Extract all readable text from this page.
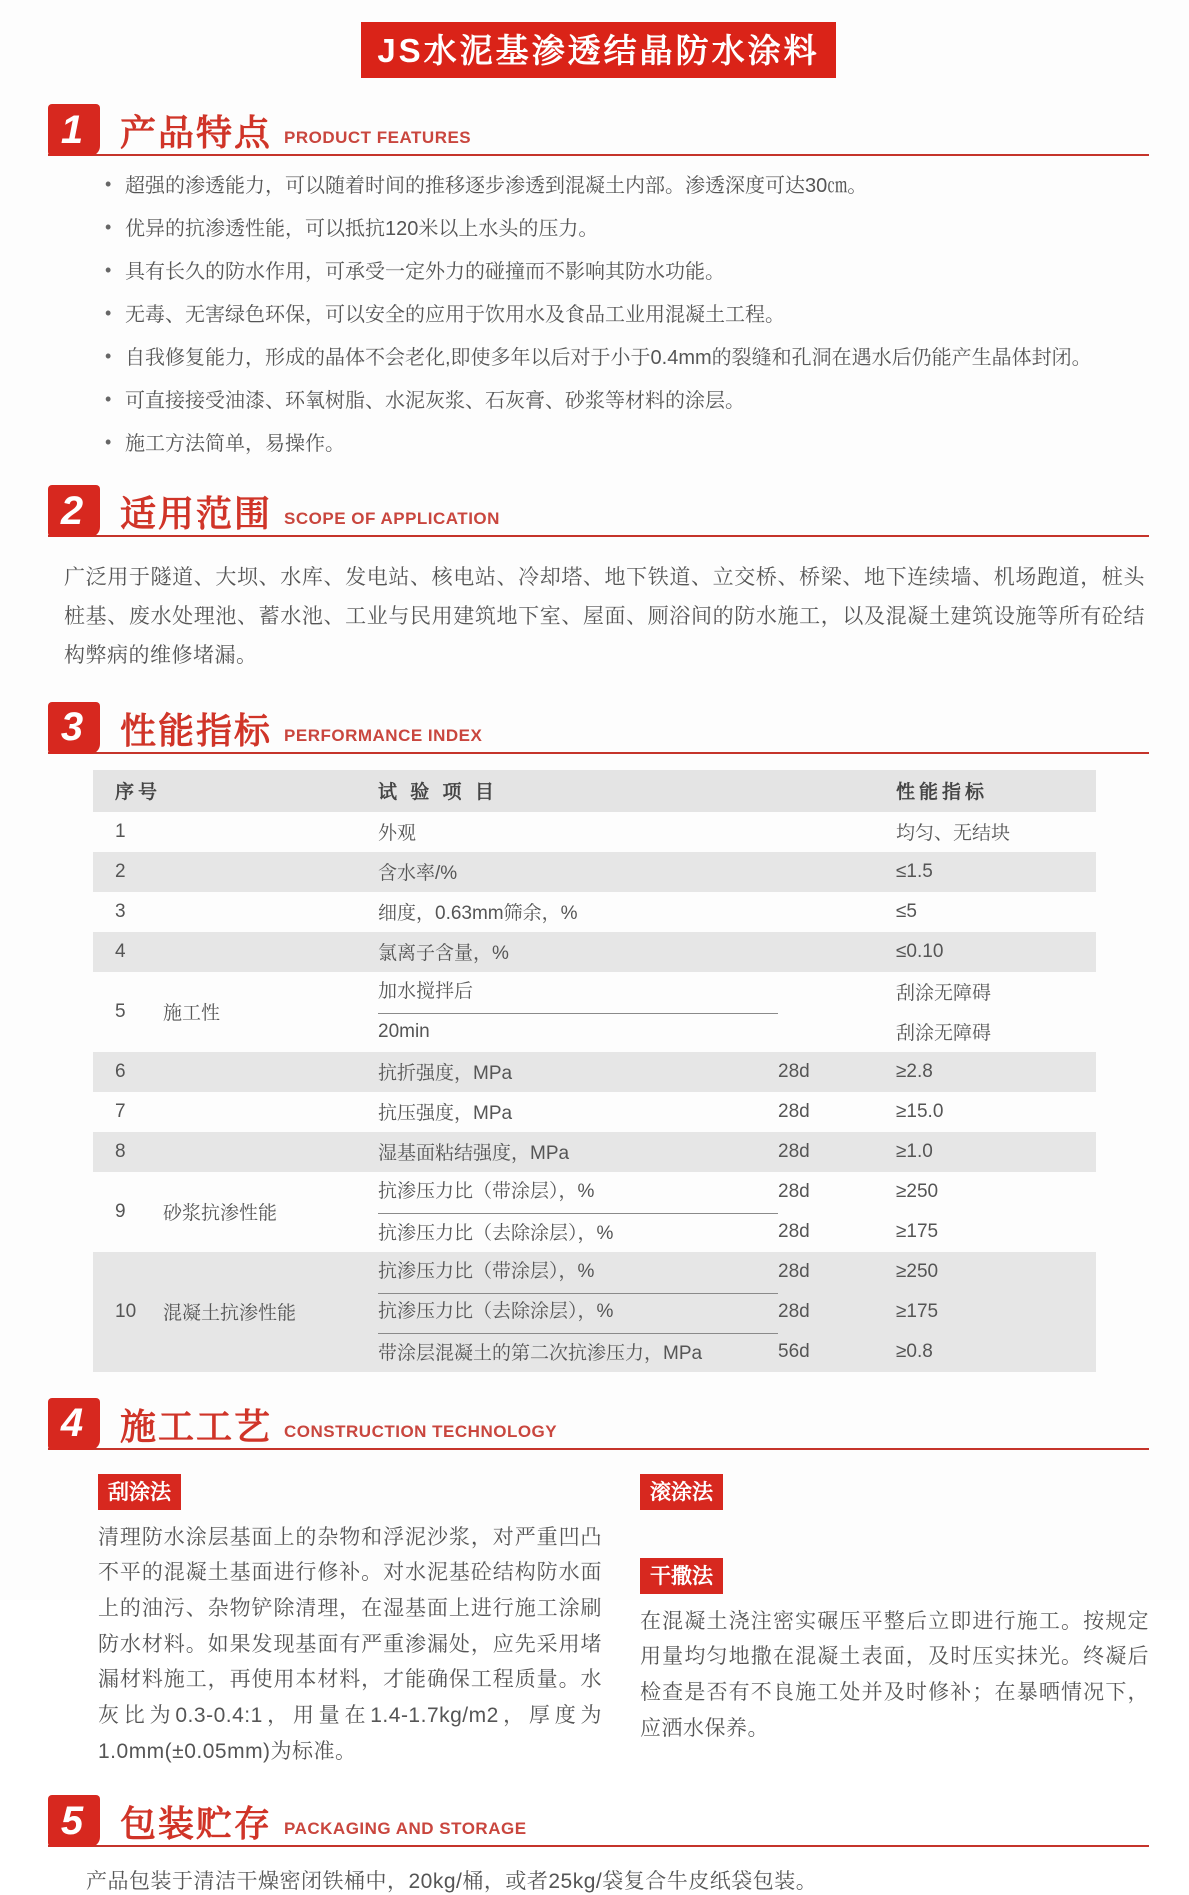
JS水泥基渗透结晶防水涂料
1	产品特点 PRODUCT FEATURES
• 超强的渗透能力，可以随着时间的推移逐步渗透到混凝土内部。渗透深度可达30㎝。
• 优异的抗渗透性能，可以抵抗120米以上水头的压力。
• 具有长久的防水作用，可承受一定外力的碰撞而不影响其防水功能。
• 无毒、无害绿色环保，可以安全的应用于饮用水及食品工业用混凝土工程。
• 自我修复能力，形成的晶体不会老化,即使多年以后对于小于0.4mm的裂缝和孔洞在遇水后仍能产生晶体封闭。
• 可直接接受油漆、环氧树脂、水泥灰浆、石灰膏、砂浆等材料的涂层。
• 施工方法简单，易操作。
2	适用范围 SCOPE OF APPLICATION

广泛用于隧道、大坝、水库、发电站、核电站、冷却塔、地下铁道、立交桥、桥梁、地下连续墙、机场跑道，桩头桩基、废水处理池、蓄水池、工业与民用建筑地下室、屋面、厕浴间的防水施工，以及混凝土建筑设施等所有砼结构弊病的维修堵漏。

3	性能指标 PERFORMANCE INDEX
序号	试 验 项 目	性能指标
1	外观	均匀、无结块
2	含水率/%	≤1.5
3	细度，0.63mm筛余，%	≤5
4	氯离子含量，%	≤0.10
5	施工性
加水搅拌后	刮涂无障碍
20min	刮涂无障碍
6	抗折强度，MPa	28d	≥2.8
7	抗压强度，MPa	28d	≥15.0
8	湿基面粘结强度，MPa	28d	≥1.0
9	砂浆抗渗性能
抗渗压力比（带涂层），%	28d	≥250
抗渗压力比（去除涂层），%	28d	≥175
10	混凝土抗渗性能
抗渗压力比（带涂层），%	28d	≥250
抗渗压力比（去除涂层），%	28d	≥175
带涂层混凝土的第二次抗渗压力，MPa	56d	≥0.8
4	施工工艺 CONSTRUCTION TECHNOLOGY
刮涂法

清理防水涂层基面上的杂物和浮泥沙浆，对严重凹凸不平的混凝土基面进行修补。对水泥基砼结构防水面上的油污、杂物铲除清理，在湿基面上进行施工涂刷防水材料。如果发现基面有严重渗漏处，应先采用堵漏材料施工，再使用本材料，才能确保工程质量。水灰比为0.3-0.4:1，用量在1.4-1.7kg/m2，厚度为1.0mm(±0.05mm)为标准。

滚涂法
干撒法

在混凝土浇注密实碾压平整后立即进行施工。按规定用量均匀地撒在混凝土表面，及时压实抹光。终凝后检查是否有不良施工处并及时修补；在暴晒情况下，应洒水保养。

5	包装贮存 PACKAGING AND STORAGE

产品包装于清洁干燥密闭铁桶中，20kg/桶，或者25kg/袋复合牛皮纸袋包装。
